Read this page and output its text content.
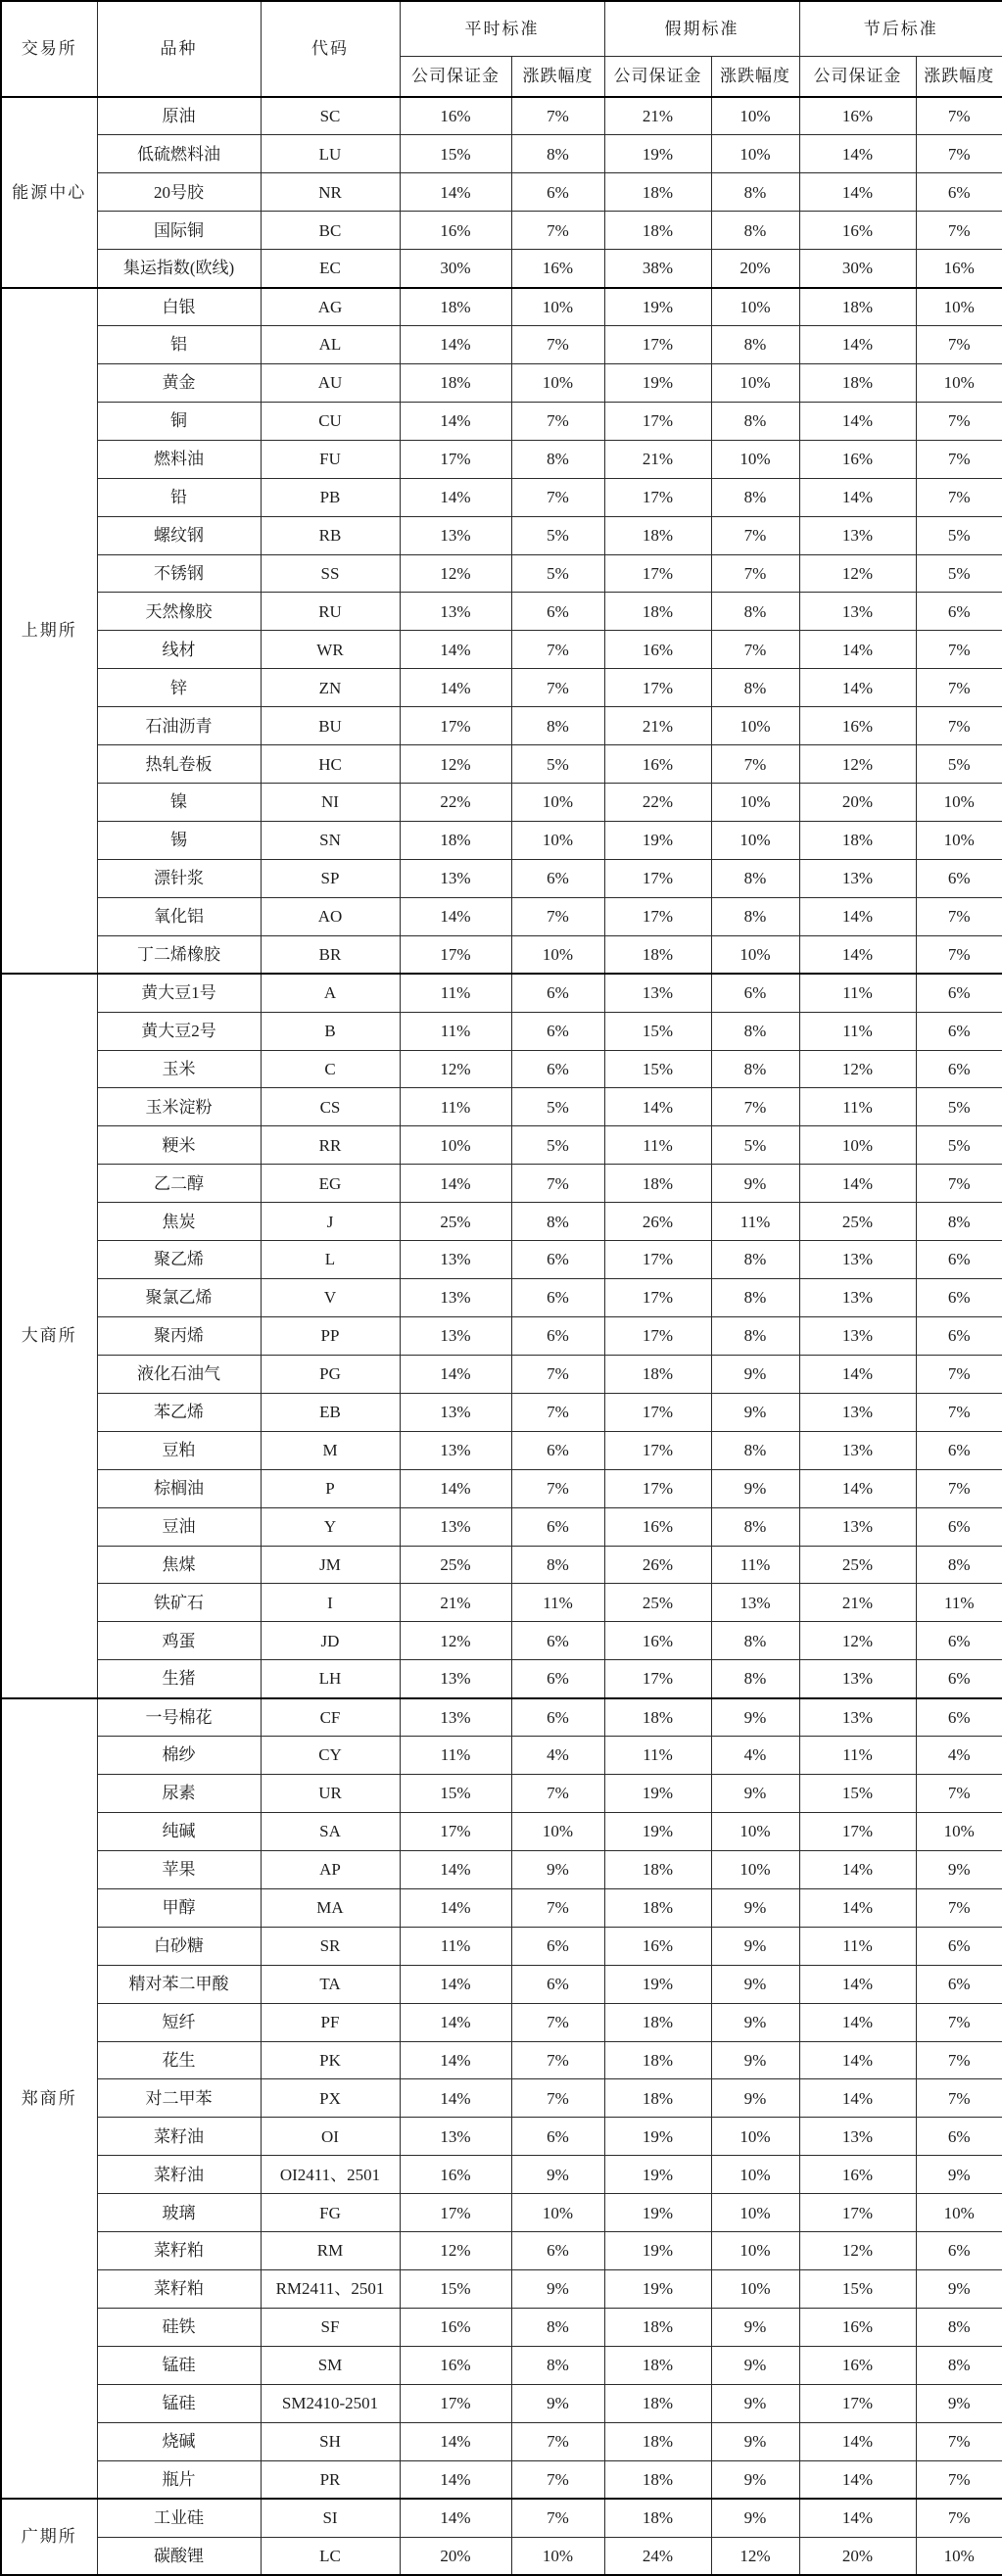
交易所	品种	代码	平时标准		假期标准		节后标准	
			公司保证金	涨跌幅度	公司保证金	涨跌幅度	公司保证金	涨跌幅度
能源中心	原油	SC	16%	7%	21%	10%	16%	7%
	低硫燃料油	LU	15%	8%	19%	10%	14%	7%
	20号胶	NR	14%	6%	18%	8%	14%	6%
	国际铜	BC	16%	7%	18%	8%	16%	7%
	集运指数(欧线)	EC	30%	16%	38%	20%	30%	16%
上期所	白银	AG	18%	10%	19%	10%	18%	10%
	铝	AL	14%	7%	17%	8%	14%	7%
	黄金	AU	18%	10%	19%	10%	18%	10%
	铜	CU	14%	7%	17%	8%	14%	7%
	燃料油	FU	17%	8%	21%	10%	16%	7%
	铅	PB	14%	7%	17%	8%	14%	7%
	螺纹钢	RB	13%	5%	18%	7%	13%	5%
	不锈钢	SS	12%	5%	17%	7%	12%	5%
	天然橡胶	RU	13%	6%	18%	8%	13%	6%
	线材	WR	14%	7%	16%	7%	14%	7%
	锌	ZN	14%	7%	17%	8%	14%	7%
	石油沥青	BU	17%	8%	21%	10%	16%	7%
	热轧卷板	HC	12%	5%	16%	7%	12%	5%
	镍	NI	22%	10%	22%	10%	20%	10%
	锡	SN	18%	10%	19%	10%	18%	10%
	漂针浆	SP	13%	6%	17%	8%	13%	6%
	氧化铝	AO	14%	7%	17%	8%	14%	7%
	丁二烯橡胶	BR	17%	10%	18%	10%	14%	7%
大商所	黄大豆1号	A	11%	6%	13%	6%	11%	6%
	黄大豆2号	B	11%	6%	15%	8%	11%	6%
	玉米	C	12%	6%	15%	8%	12%	6%
	玉米淀粉	CS	11%	5%	14%	7%	11%	5%
	粳米	RR	10%	5%	11%	5%	10%	5%
	乙二醇	EG	14%	7%	18%	9%	14%	7%
	焦炭	J	25%	8%	26%	11%	25%	8%
	聚乙烯	L	13%	6%	17%	8%	13%	6%
	聚氯乙烯	V	13%	6%	17%	8%	13%	6%
	聚丙烯	PP	13%	6%	17%	8%	13%	6%
	液化石油气	PG	14%	7%	18%	9%	14%	7%
	苯乙烯	EB	13%	7%	17%	9%	13%	7%
	豆粕	M	13%	6%	17%	8%	13%	6%
	棕榈油	P	14%	7%	17%	9%	14%	7%
	豆油	Y	13%	6%	16%	8%	13%	6%
	焦煤	JM	25%	8%	26%	11%	25%	8%
	铁矿石	I	21%	11%	25%	13%	21%	11%
	鸡蛋	JD	12%	6%	16%	8%	12%	6%
	生猪	LH	13%	6%	17%	8%	13%	6%
郑商所	一号棉花	CF	13%	6%	18%	9%	13%	6%
	棉纱	CY	11%	4%	11%	4%	11%	4%
	尿素	UR	15%	7%	19%	9%	15%	7%
	纯碱	SA	17%	10%	19%	10%	17%	10%
	苹果	AP	14%	9%	18%	10%	14%	9%
	甲醇	MA	14%	7%	18%	9%	14%	7%
	白砂糖	SR	11%	6%	16%	9%	11%	6%
	精对苯二甲酸	TA	14%	6%	19%	9%	14%	6%
	短纤	PF	14%	7%	18%	9%	14%	7%
	花生	PK	14%	7%	18%	9%	14%	7%
	对二甲苯	PX	14%	7%	18%	9%	14%	7%
	菜籽油	OI	13%	6%	19%	10%	13%	6%
	菜籽油	OI2411、2501	16%	9%	19%	10%	16%	9%
	玻璃	FG	17%	10%	19%	10%	17%	10%
	菜籽粕	RM	12%	6%	19%	10%	12%	6%
	菜籽粕	RM2411、2501	15%	9%	19%	10%	15%	9%
	硅铁	SF	16%	8%	18%	9%	16%	8%
	锰硅	SM	16%	8%	18%	9%	16%	8%
	锰硅	SM2410-2501	17%	9%	18%	9%	17%	9%
	烧碱	SH	14%	7%	18%	9%	14%	7%
	瓶片	PR	14%	7%	18%	9%	14%	7%
广期所	工业硅	SI	14%	7%	18%	9%	14%	7%
	碳酸锂	LC	20%	10%	24%	12%	20%	10%
